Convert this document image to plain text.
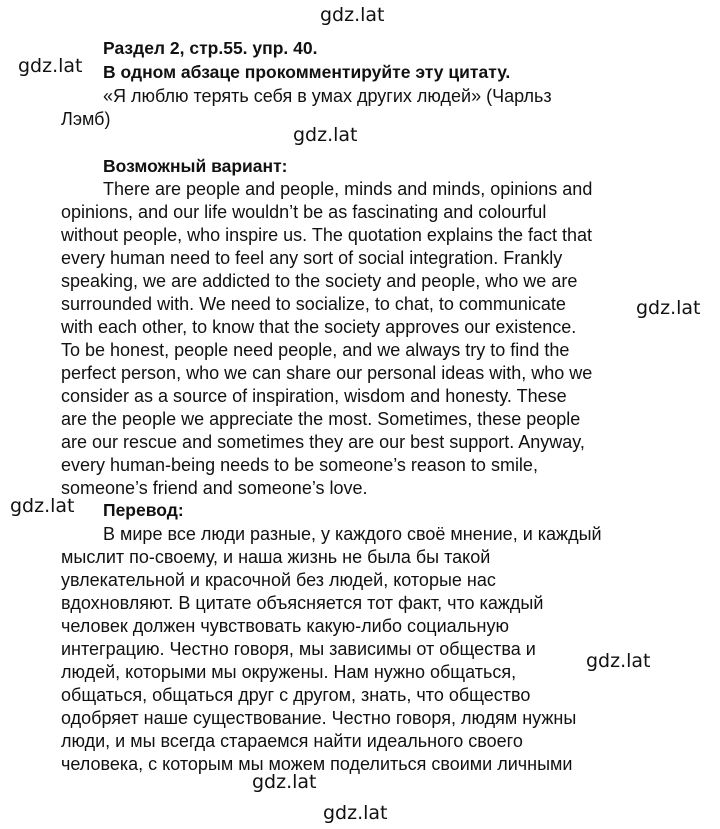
Раздел 2, стр.55. упр. 40.
В одном абзаце прокомментируйте эту цитату.
«Я люблю терять себя в умах других людей» (Чарльз
Лэмб)
Возможный вариант:
There are people and people, minds and minds, opinions and
opinions, and our life wouldn’t be as fascinating and colourful
without people, who inspire us. The quotation explains the fact that
every human need to feel any sort of social integration. Frankly
speaking, we are addicted to the society and people, who we are
surrounded with. We need to socialize, to chat, to communicate
with each other, to know that the society approves our existence.
To be honest, people need people, and we always try to find the
perfect person, who we can share our personal ideas with, who we
consider as a source of inspiration, wisdom and honesty. These
are the people we appreciate the most. Sometimes, these people
are our rescue and sometimes they are our best support. Anyway,
every human-being needs to be someone’s reason to smile,
someone’s friend and someone’s love.
Перевод:
В мире все люди разные, у каждого своё мнение, и каждый
мыслит по-своему, и наша жизнь не была бы такой
увлекательной и красочной без людей, которые нас
вдохновляют. В цитате объясняется тот факт, что каждый
человек должен чувствовать какую-либо социальную
интеграцию. Честно говоря, мы зависимы от общества и
людей, которыми мы окружены. Нам нужно общаться,
общаться, общаться друг с другом, знать, что общество
одобряет наше существование. Честно говоря, людям нужны
люди, и мы всегда стараемся найти идеального своего
человека, с которым мы можем поделиться своими личными
gdz.lat
gdz.lat
gdz.lat
gdz.lat
gdz.lat
gdz.lat
gdz.lat
gdz.lat
